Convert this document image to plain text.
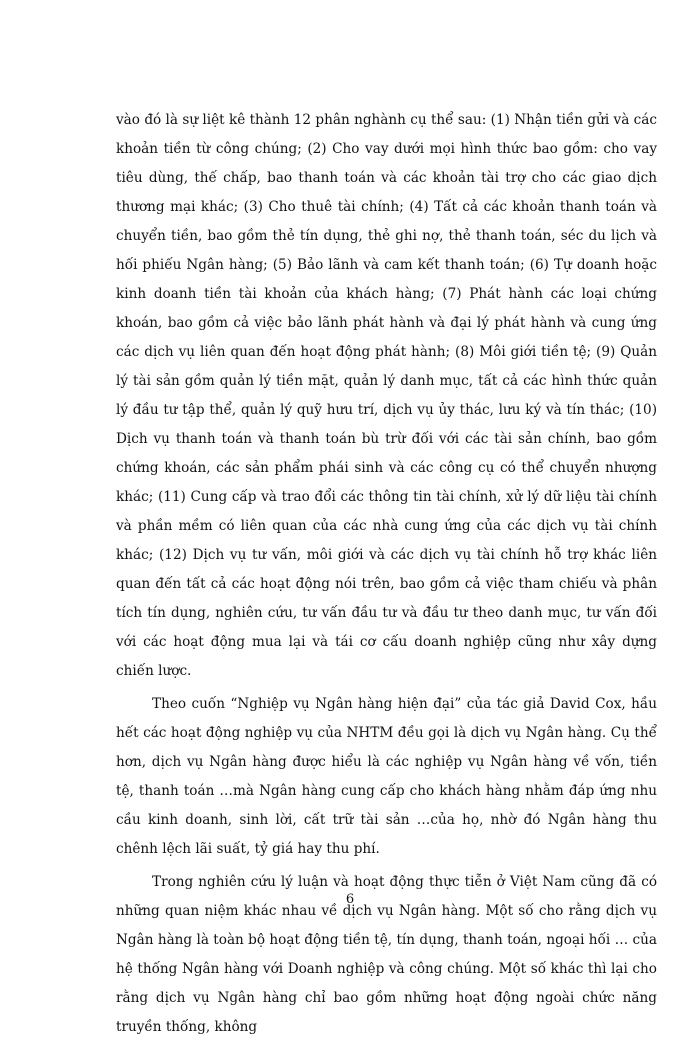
vào đó là sự liệt kê thành 12 phân nghành cụ thể sau: (1) Nhận tiền gửi và các khoản tiền từ công chúng; (2) Cho vay dưới mọi hình thức bao gồm: cho vay tiêu dùng, thế chấp, bao thanh toán và các khoản tài trợ cho các giao dịch thương mại khác; (3) Cho thuê tài chính; (4) Tất cả các khoản thanh toán và chuyển tiền, bao gồm thẻ tín dụng, thẻ ghi nợ, thẻ thanh toán, séc du lịch và hối phiếu Ngân hàng; (5) Bảo lãnh và cam kết thanh toán; (6) Tự doanh hoặc kinh doanh tiền tài khoản của khách hàng; (7) Phát hành các loại chứng khoán, bao gồm cả việc bảo lãnh phát hành và đại lý phát hành và cung ứng các dịch vụ liên quan đến hoạt động phát hành; (8) Môi giới tiền tệ; (9) Quản lý tài sản gồm quản lý tiền mặt, quản lý danh mục, tất cả các hình thức quản lý đầu tư tập thể, quản lý quỹ hưu trí, dịch vụ ủy thác, lưu ký và tín thác; (10) Dịch vụ thanh toán và thanh toán bù trừ đối với các tài sản chính, bao gồm chứng khoán, các sản phẩm phái sinh và các công cụ có thể chuyển nhượng khác; (11) Cung cấp và trao đổi các thông tin tài chính, xử lý dữ liệu tài chính và phần mềm có liên quan của các nhà cung ứng của các dịch vụ tài chính khác; (12) Dịch vụ tư vấn, môi giới và các dịch vụ tài chính hỗ trợ khác liên quan đến tất cả các hoạt động nói trên, bao gồm cả việc tham chiếu và phân tích tín dụng, nghiên cứu, tư vấn đầu tư và đầu tư theo danh mục, tư vấn đối với các hoạt động mua lại và tái cơ cấu doanh nghiệp cũng như xây dựng chiến lược.

Theo cuốn “Nghiệp vụ Ngân hàng hiện đại” của tác giả David Cox, hầu hết các hoạt động nghiệp vụ của NHTM đều gọi là dịch vụ Ngân hàng. Cụ thể hơn, dịch vụ Ngân hàng được hiểu là các nghiệp vụ Ngân hàng về vốn, tiền tệ, thanh toán …mà Ngân hàng cung cấp cho khách hàng nhằm đáp ứng nhu cầu kinh doanh, sinh lời, cất trữ tài sản …của họ, nhờ đó Ngân hàng thu chênh lệch lãi suất, tỷ giá hay thu phí.

Trong nghiên cứu lý luận và hoạt động thực tiễn ở Việt Nam cũng đã có những quan niệm khác nhau về dịch vụ Ngân hàng. Một số cho rằng dịch vụ Ngân hàng là toàn bộ hoạt động tiền tệ, tín dụng, thanh toán, ngoại hối … của hệ thống Ngân hàng với Doanh nghiệp và công chúng. Một số khác thì lại cho rằng dịch vụ Ngân hàng chỉ bao gồm những hoạt động ngoài chức năng truyền thống, không

6
